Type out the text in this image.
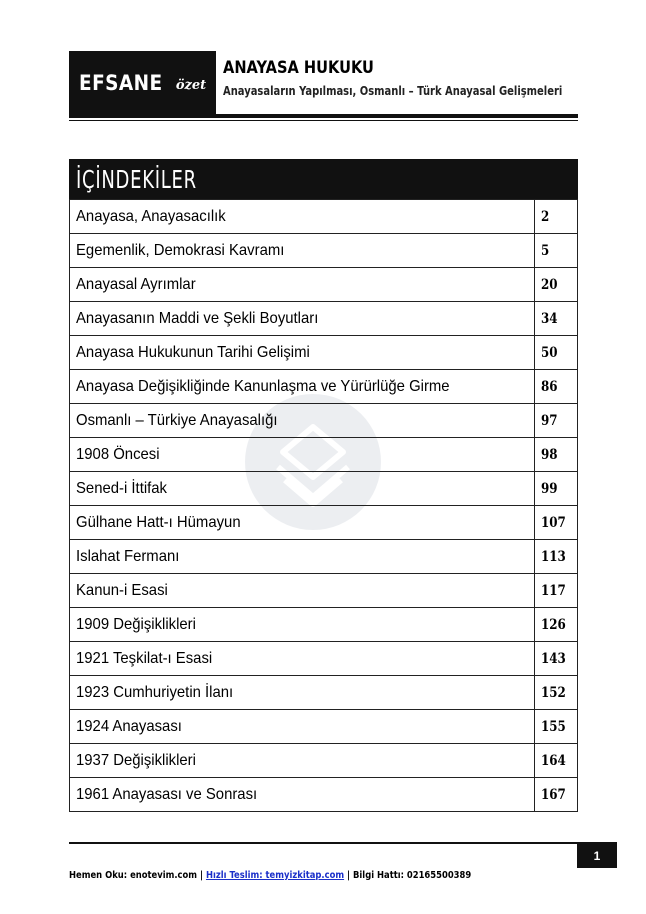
EFSANE özet
ANAYASA HUKUKU
Anayasaların Yapılması, Osmanlı – Türk Anayasal Gelişmeleri
İÇİNDEKİLER
Anayasa, Anayasacılık	2
Egemenlik, Demokrasi Kavramı	5
Anayasal Ayrımlar	20
Anayasanın Maddi ve Şekli Boyutları	34
Anayasa Hukukunun Tarihi Gelişimi	50
Anayasa Değişikliğinde Kanunlaşma ve Yürürlüğe Girme	86
Osmanlı – Türkiye Anayasalığı	97
1908 Öncesi	98
Sened-i İttifak	99
Gülhane Hatt-ı Hümayun	107
Islahat Fermanı	113
Kanun-i Esasi	117
1909 Değişiklikleri	126
1921 Teşkilat-ı Esasi	143
1923 Cumhuriyetin İlanı	152
1924 Anayasası	155
1937 Değişiklikleri	164
1961 Anayasası ve Sonrası	167
1
Hemen Oku: enotevim.com | Hızlı Teslim: temyizkitap.com | Bilgi Hattı: 02165500389
